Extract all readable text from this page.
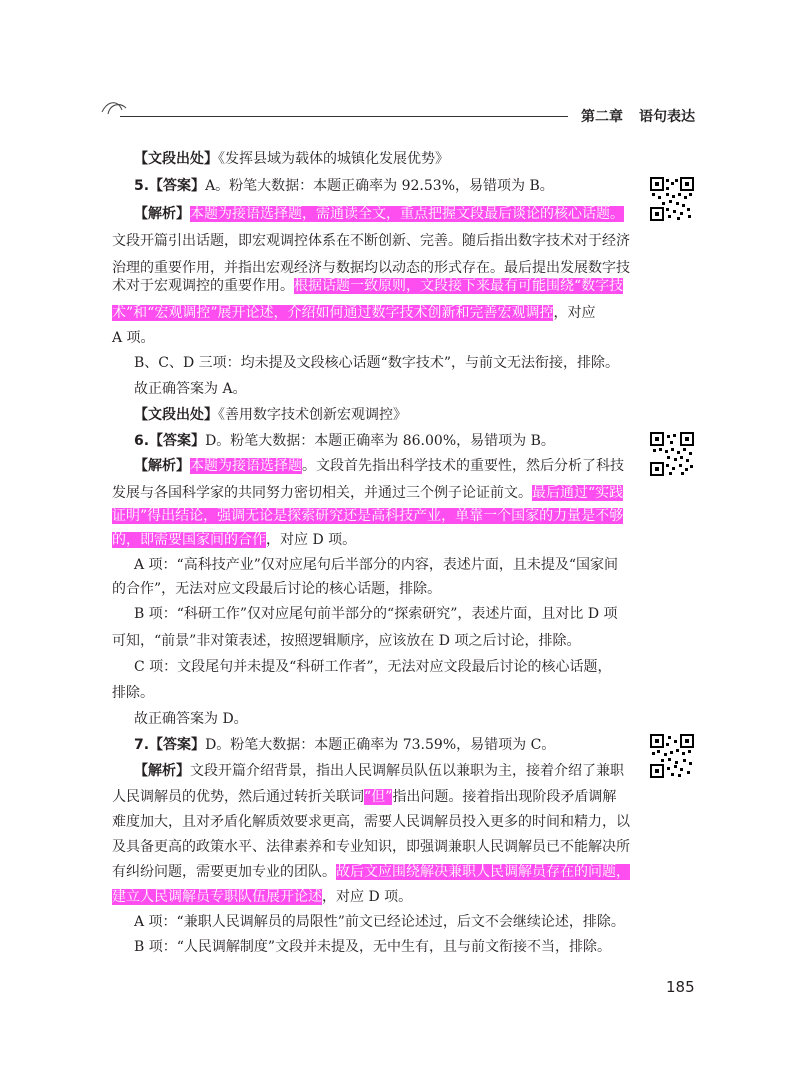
第二章 语句表达
【文段出处】《发挥县域为载体的城镇化发展优势》
5.【答案】A。粉笔大数据：本题正确率为 92.53%，易错项为 B。
【解析】本题为接语选择题，需通读全文，重点把握文段最后谈论的核心话题。
文段开篇引出话题，即宏观调控体系在不断创新、完善。随后指出数字技术对于经济
治理的重要作用，并指出宏观经济与数据均以动态的形式存在。最后提出发展数字技
术对于宏观调控的重要作用。根据话题一致原则，文段接下来最有可能围绕“数字技
术”和“宏观调控”展开论述，介绍如何通过数字技术创新和完善宏观调控，对应
A 项。
B、C、D 三项：均未提及文段核心话题“数字技术”，与前文无法衔接，排除。
故正确答案为 A。
【文段出处】《善用数字技术创新宏观调控》
6.【答案】D。粉笔大数据：本题正确率为 86.00%，易错项为 B。
【解析】本题为接语选择题。文段首先指出科学技术的重要性，然后分析了科技
发展与各国科学家的共同努力密切相关，并通过三个例子论证前文。最后通过“实践
证明”得出结论，强调无论是探索研究还是高科技产业，单靠一个国家的力量是不够
的，即需要国家间的合作，对应 D 项。
A 项：“高科技产业”仅对应尾句后半部分的内容，表述片面，且未提及“国家间
的合作”，无法对应文段最后讨论的核心话题，排除。
B 项：“科研工作”仅对应尾句前半部分的“探索研究”，表述片面，且对比 D 项
可知，“前景”非对策表述，按照逻辑顺序，应该放在 D 项之后讨论，排除。
C 项：文段尾句并未提及“科研工作者”，无法对应文段最后讨论的核心话题，
排除。
故正确答案为 D。
7.【答案】D。粉笔大数据：本题正确率为 73.59%，易错项为 C。
【解析】文段开篇介绍背景，指出人民调解员队伍以兼职为主，接着介绍了兼职
人民调解员的优势，然后通过转折关联词“但”指出问题。接着指出现阶段矛盾调解
难度加大，且对矛盾化解质效要求更高，需要人民调解员投入更多的时间和精力，以
及具备更高的政策水平、法律素养和专业知识，即强调兼职人民调解员已不能解决所
有纠纷问题，需要更加专业的团队。故后文应围绕解决兼职人民调解员存在的问题，
建立人民调解员专职队伍展开论述，对应 D 项。
A 项：“兼职人民调解员的局限性”前文已经论述过，后文不会继续论述，排除。
B 项：“人民调解制度”文段并未提及，无中生有，且与前文衔接不当，排除。
185
